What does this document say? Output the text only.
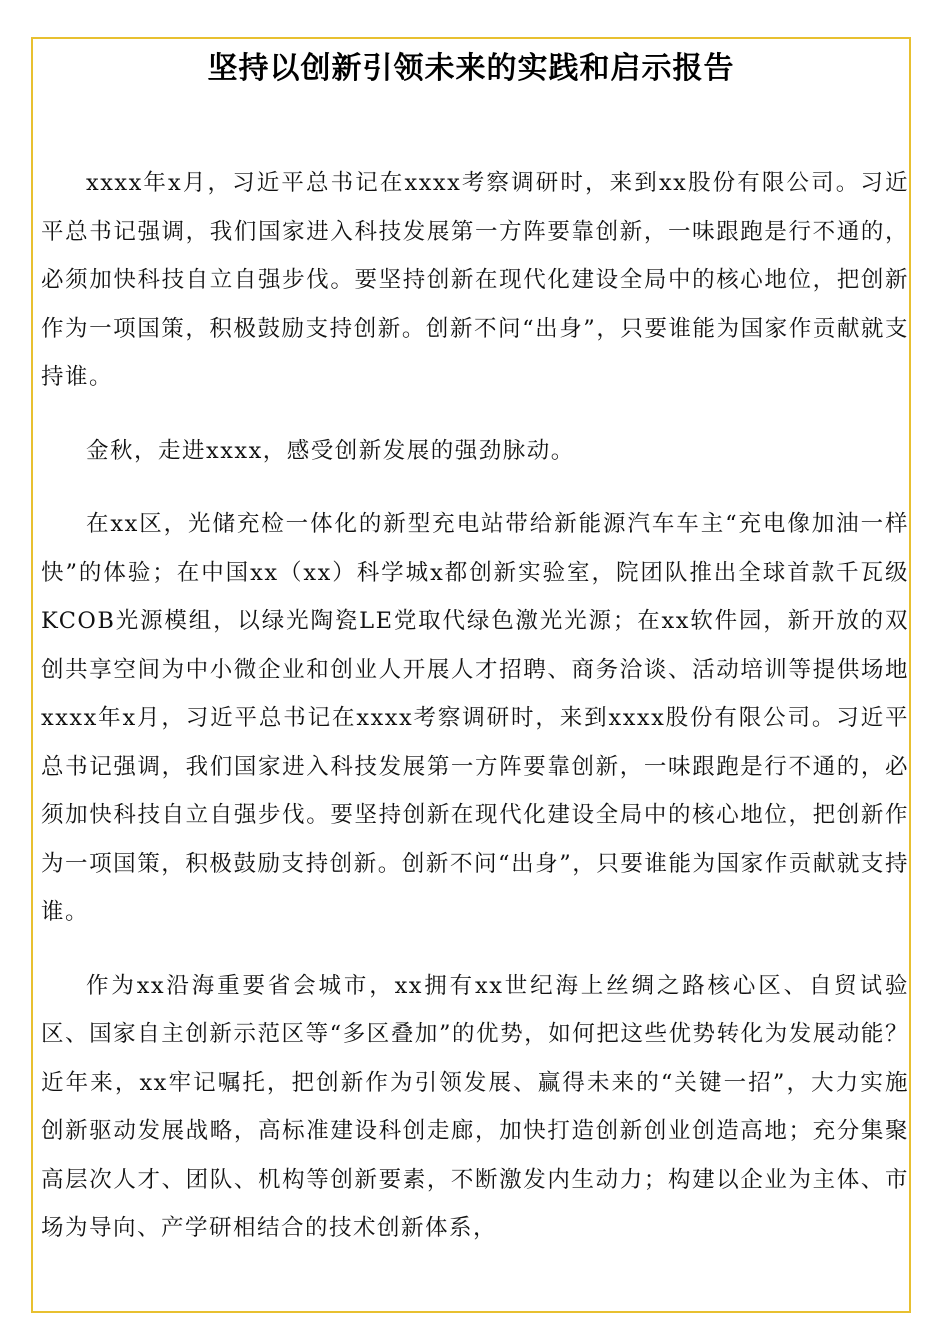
坚持以创新引领未来的实践和启示报告

xxxx年x月，习近平总书记在xxxx考察调研时，来到xx股份有限公司。习近平总书记强调，我们国家进入科技发展第一方阵要靠创新，一味跟跑是行不通的，必须加快科技自立自强步伐。要坚持创新在现代化建设全局中的核心地位，把创新作为一项国策，积极鼓励支持创新。创新不问“出身”，只要谁能为国家作贡献就支持谁。

金秋，走进xxxx，感受创新发展的强劲脉动。

在xx区，光储充检一体化的新型充电站带给新能源汽车车主“充电像加油一样快”的体验；在中国xx（xx）科学城x都创新实验室，院团队推出全球首款千瓦级KCOB光源模组，以绿光陶瓷LE党取代绿色激光光源；在xx软件园，新开放的双创共享空间为中小微企业和创业人开展人才招聘、商务洽谈、活动培训等提供场地xxxx年x月，习近平总书记在xxxx考察调研时，来到xxxx股份有限公司。习近平总书记强调，我们国家进入科技发展第一方阵要靠创新，一味跟跑是行不通的，必须加快科技自立自强步伐。要坚持创新在现代化建设全局中的核心地位，把创新作为一项国策，积极鼓励支持创新。创新不问“出身”，只要谁能为国家作贡献就支持谁。

作为xx沿海重要省会城市，xx拥有xx世纪海上丝绸之路核心区、自贸试验区、国家自主创新示范区等“多区叠加”的优势，如何把这些优势转化为发展动能？近年来，xx牢记嘱托，把创新作为引领发展、赢得未来的“关键一招”，大力实施创新驱动发展战略，高标准建设科创走廊，加快打造创新创业创造高地；充分集聚高层次人才、团队、机构等创新要素，不断激发内生动力；构建以企业为主体、市场为导向、产学研相结合的技术创新体系，
